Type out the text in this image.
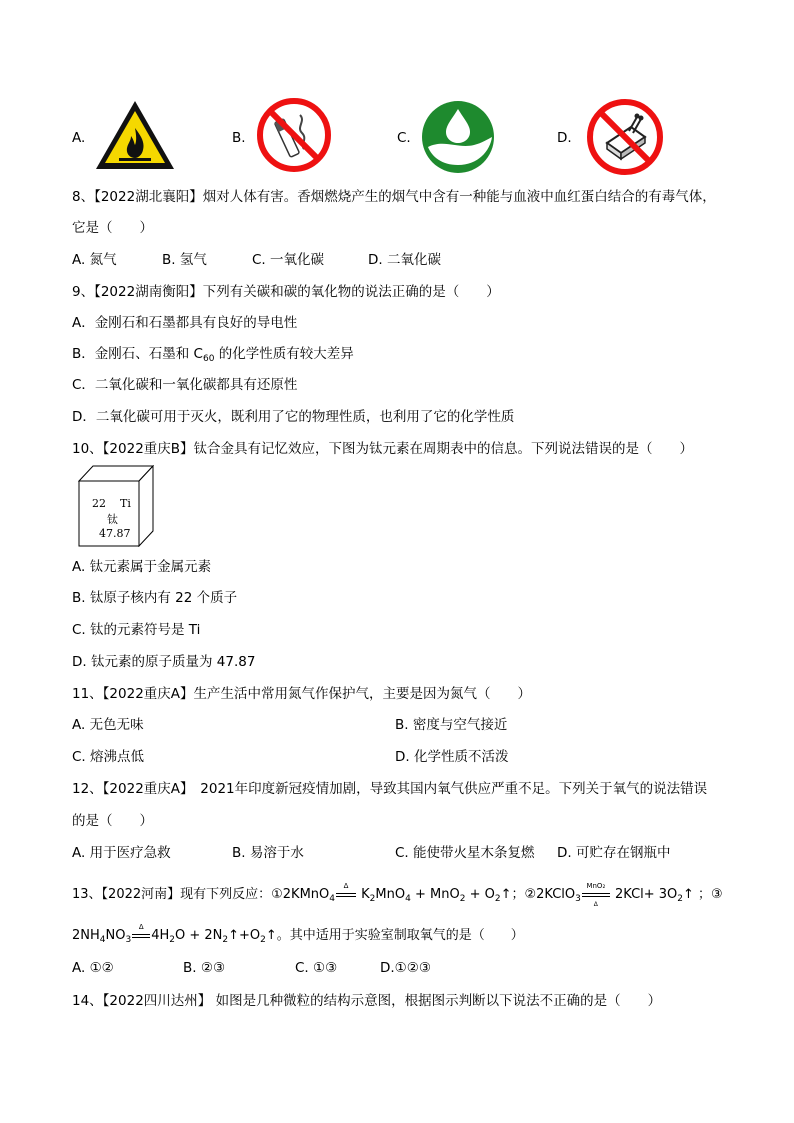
A.	B.	C.	D.
8、【2022湖北襄阳】烟对人体有害。香烟燃烧产生的烟气中含有一种能与血液中血红蛋白结合的有毒气体，
它是（　　）
A. 氮气	B. 氢气	C. 一氧化碳	D. 二氧化碳
9、【2022湖南衡阳】下列有关碳和碳的氧化物的说法正确的是（　　）
A．金刚石和石墨都具有良好的导电性
B．金刚石、石墨和 $C_{60}$ 的化学性质有较大差异
C．二氧化碳和一氧化碳都具有还原性
D．二氧化碳可用于灭火，既利用了它的物理性质，也利用了它的化学性质
10、【2022重庆B】钛合金具有记忆效应，下图为钛元素在周期表中的信息。下列说法错误的是（　　）
22 Ti
钛
47.87
A. 钛元素属于金属元素
B. 钛原子核内有 22 个质子
C. 钛的元素符号是 Ti
D. 钛元素的原子质量为 47.87
11、【2022重庆A】生产生活中常用氮气作保护气，主要是因为氮气（　　）
A. 无色无味	B. 密度与空气接近
C. 熔沸点低	D. 化学性质不活泼
12、【2022重庆A】　2021年印度新冠疫情加剧，导致其国内氧气供应严重不足。下列关于氧气的说法错误
的是（　　）
A. 用于医疗急救	B. 易溶于水	C. 能使带火星木条复燃 D. 可贮存在钢瓶中
13、【2022河南】现有下列反应：①2KMnO$_4$
Δ
$K_2MnO_4 + MnO_2$ + $O_2↑$；②2KClO$_3$
MnO₂
Δ
$2KCl+ 3O_2↑$ ；③
$2NH_4NO_3$
Δ
$4H_2O$ + $2N_2↑+O_2↑$。其中适用于实验室制取氧气的是（　　）
A. ①②	B. ②③	C. ①③	D.①②③
14、【2022四川达州】 如图是几种微粒的结构示意图，根据图示判断以下说法不正确的是（　　）
